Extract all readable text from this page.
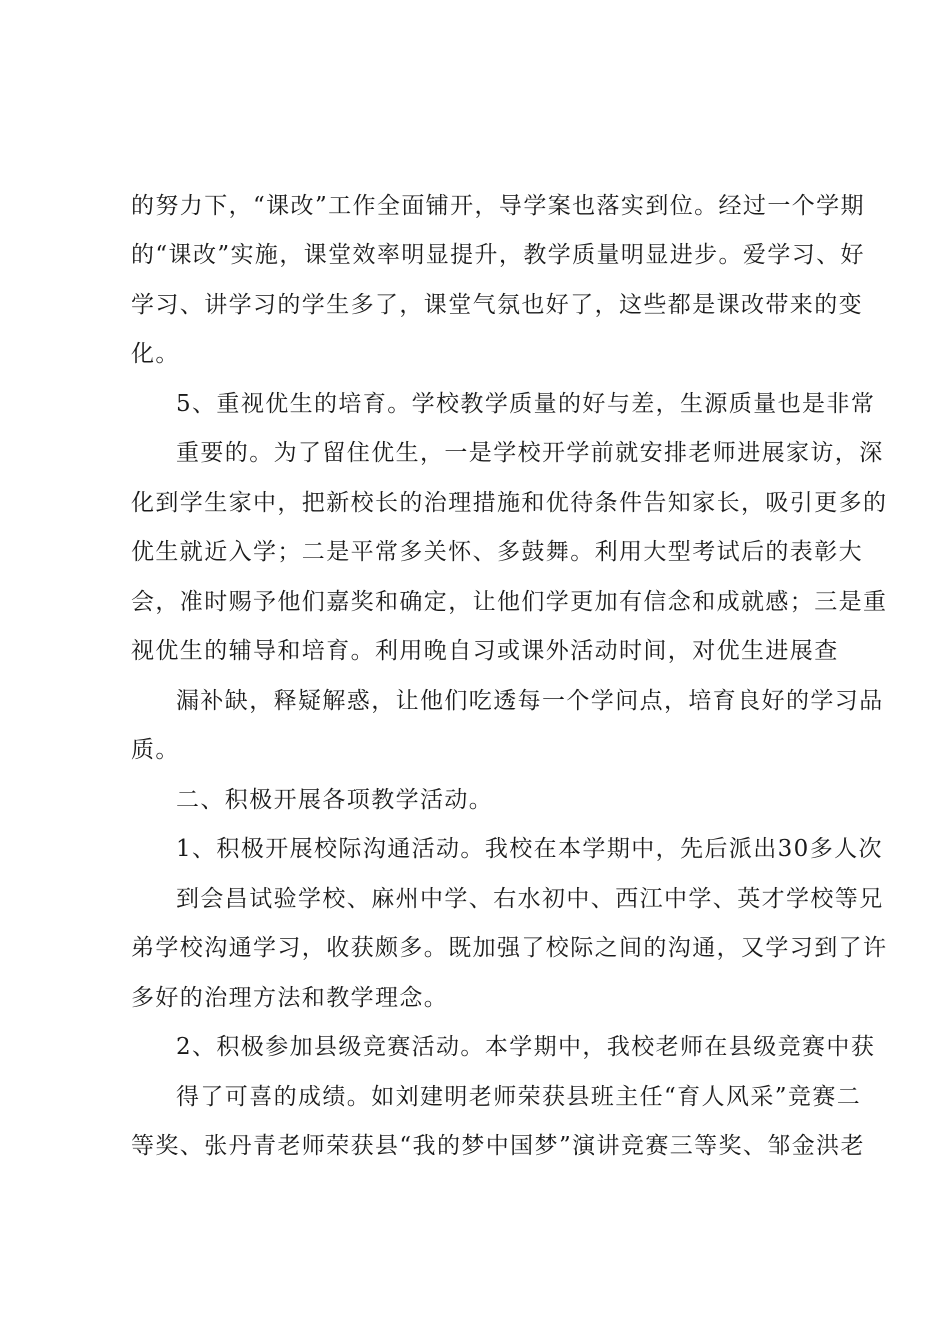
的努力下，“课改”工作全面铺开，导学案也落实到位。经过一个学期
的“课改”实施，课堂效率明显提升，教学质量明显进步。爱学习、好
学习、讲学习的学生多了，课堂气氛也好了，这些都是课改带来的变
化。
5、重视优生的培育。学校教学质量的好与差，生源质量也是非常
重要的。为了留住优生，一是学校开学前就安排老师进展家访，深
化到学生家中，把新校长的治理措施和优待条件告知家长，吸引更多的
优生就近入学；二是平常多关怀、多鼓舞。利用大型考试后的表彰大
会，准时赐予他们嘉奖和确定，让他们学更加有信念和成就感；三是重
视优生的辅导和培育。利用晚自习或课外活动时间，对优生进展查
漏补缺，释疑解惑，让他们吃透每一个学问点，培育良好的学习品
质。
二、积极开展各项教学活动。
1、积极开展校际沟通活动。我校在本学期中，先后派出30多人次
到会昌试验学校、麻州中学、右水初中、西江中学、英才学校等兄
弟学校沟通学习，收获颇多。既加强了校际之间的沟通，又学习到了许
多好的治理方法和教学理念。
2、积极参加县级竞赛活动。本学期中，我校老师在县级竞赛中获
得了可喜的成绩。如刘建明老师荣获县班主任“育人风采”竞赛二
等奖、张丹青老师荣获县“我的梦中国梦”演讲竞赛三等奖、邹金洪老
